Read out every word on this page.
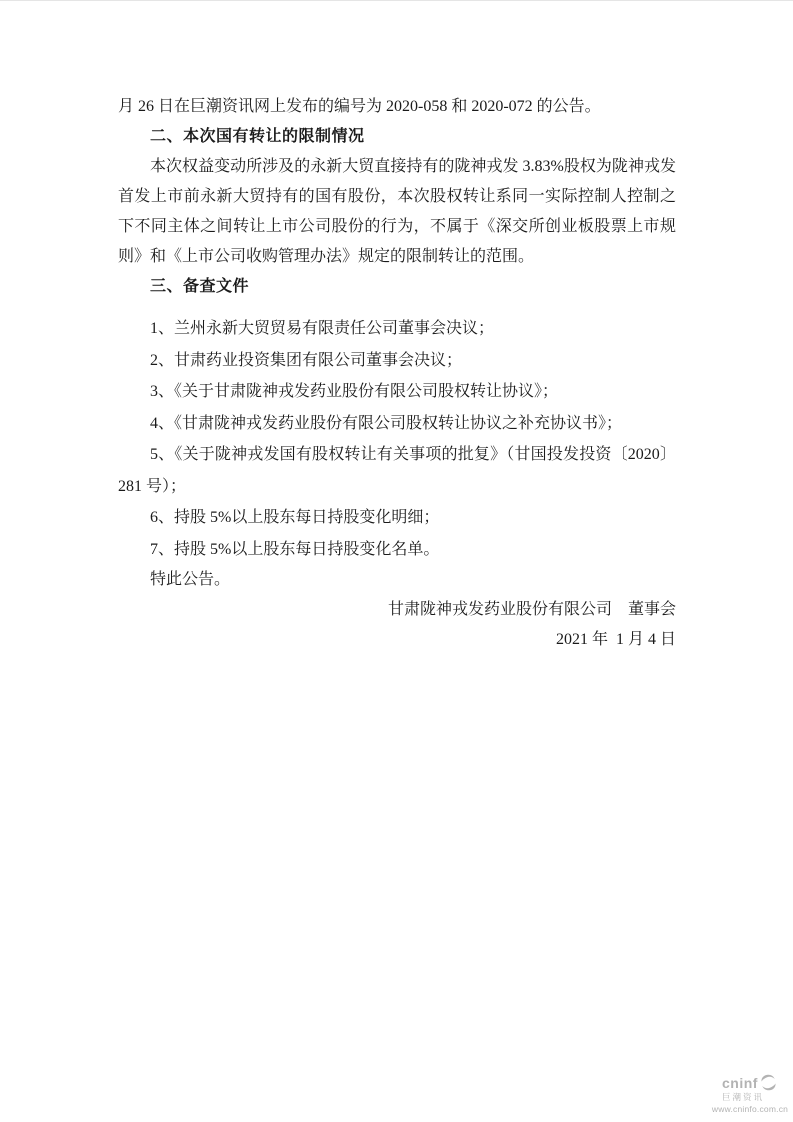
月 26 日在巨潮资讯网上发布的编号为 2020-058 和 2020-072 的公告。

二、本次国有转让的限制情况

本次权益变动所涉及的永新大贸直接持有的陇神戎发 3.83%股权为陇神戎发首发上市前永新大贸持有的国有股份，本次股权转让系同一实际控制人控制之下不同主体之间转让上市公司股份的行为，不属于《深交所创业板股票上市规则》和《上市公司收购管理办法》规定的限制转让的范围。

三、备查文件

1、兰州永新大贸贸易有限责任公司董事会决议；

2、甘肃药业投资集团有限公司董事会决议；

3、《关于甘肃陇神戎发药业股份有限公司股权转让协议》；

4、《甘肃陇神戎发药业股份有限公司股权转让协议之补充协议书》；

5、《关于陇神戎发国有股权转让有关事项的批复》（甘国投发投资〔2020〕281 号）；

6、持股 5%以上股东每日持股变化明细；

7、持股 5%以上股东每日持股变化名单。

特此公告。

甘肃陇神戎发药业股份有限公司　董事会

2021 年  1 月 4 日

cninf
巨潮资讯
www.cninfo.com.cn
